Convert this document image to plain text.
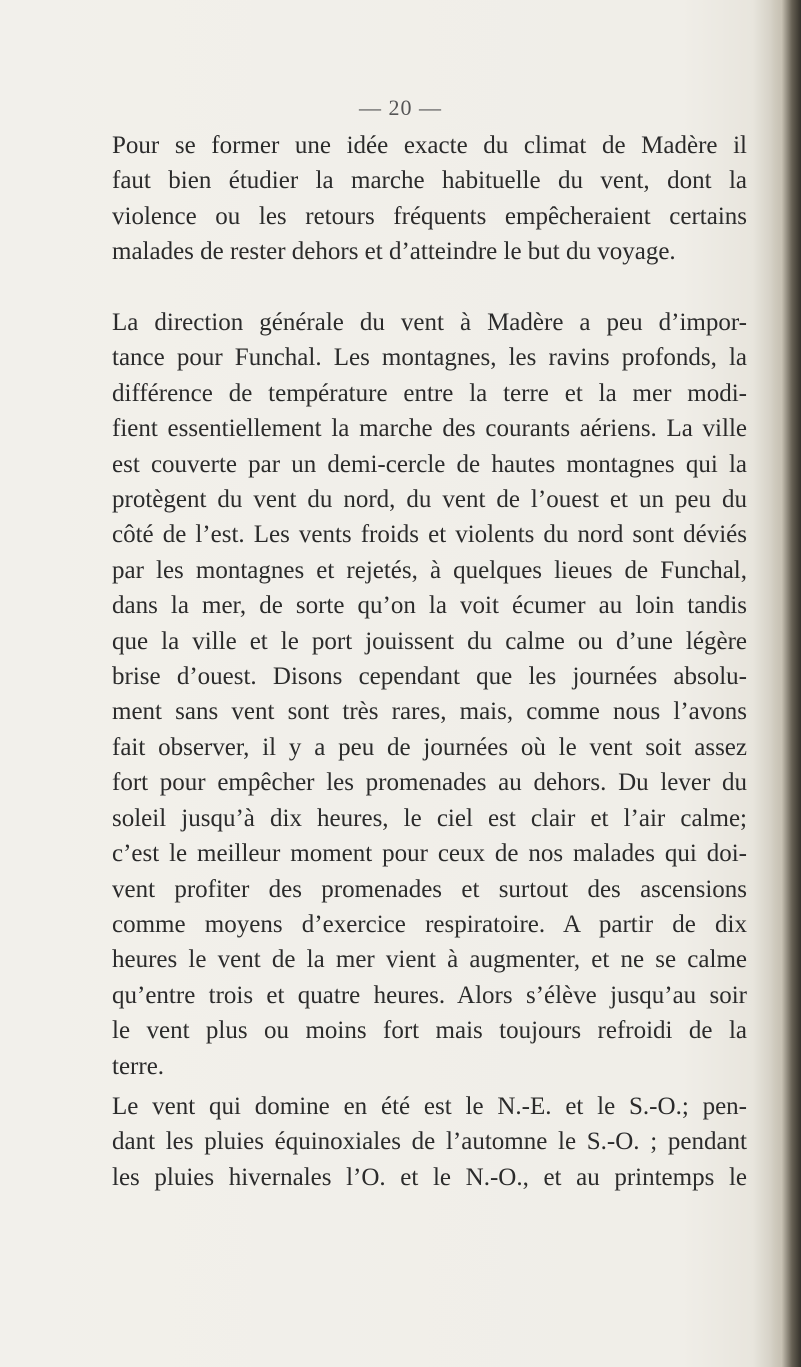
— 20 —
Pour se former une idée exacte du climat de Madère il
faut bien étudier la marche habituelle du vent, dont la
violence ou les retours fréquents empêcheraient certains
malades de rester dehors et d’atteindre le but du voyage.
La direction générale du vent à Madère a peu d’impor-
tance pour Funchal. Les montagnes, les ravins profonds, la
différence de température entre la terre et la mer modi-
fient essentiellement la marche des courants aériens. La ville
est couverte par un demi-cercle de hautes montagnes qui la
protègent du vent du nord, du vent de l’ouest et un peu du
côté de l’est. Les vents froids et violents du nord sont déviés
par les montagnes et rejetés, à quelques lieues de Funchal,
dans la mer, de sorte qu’on la voit écumer au loin tandis
que la ville et le port jouissent du calme ou d’une légère
brise d’ouest. Disons cependant que les journées absolu-
ment sans vent sont très rares, mais, comme nous l’avons
fait observer, il y a peu de journées où le vent soit assez
fort pour empêcher les promenades au dehors. Du lever du
soleil jusqu’à dix heures, le ciel est clair et l’air calme;
c’est le meilleur moment pour ceux de nos malades qui doi-
vent profiter des promenades et surtout des ascensions
comme moyens d’exercice respiratoire. A partir de dix
heures le vent de la mer vient à augmenter, et ne se calme
qu’entre trois et quatre heures. Alors s’élève jusqu’au soir
le vent plus ou moins fort mais toujours refroidi de la
terre.
Le vent qui domine en été est le N.-E. et le S.-O.; pen-
dant les pluies équinoxiales de l’automne le S.-O. ; pendant
les pluies hivernales l’O. et le N.-O., et au printemps le
